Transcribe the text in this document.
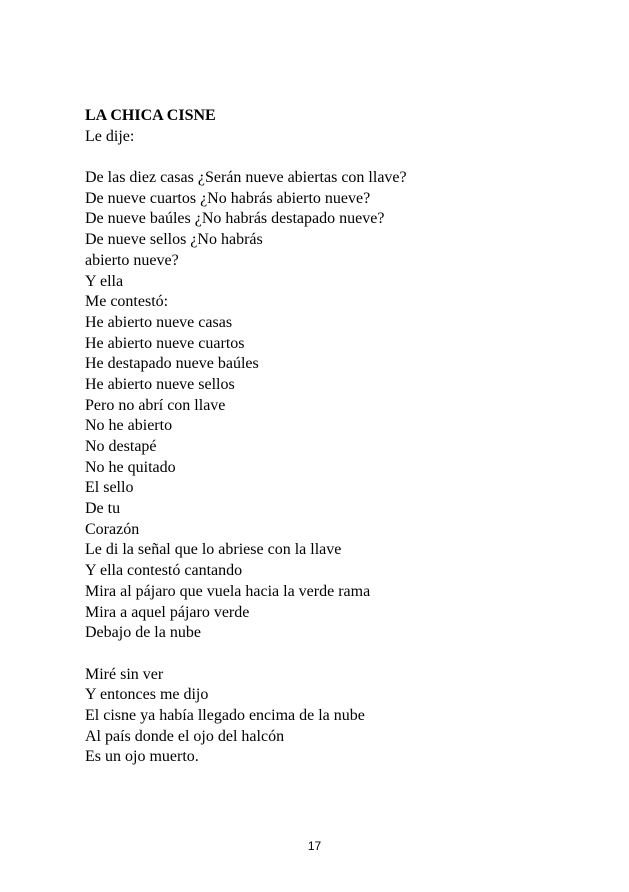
LA CHICA CISNE
Le dije:
De las diez casas ¿Serán nueve abiertas con llave?
De nueve cuartos ¿No habrás abierto nueve?
De nueve baúles ¿No habrás destapado nueve?
De nueve sellos ¿No habrás
abierto nueve?
Y ella
Me contestó:
He abierto nueve casas
He abierto nueve cuartos
He destapado nueve baúles
He abierto nueve sellos
Pero no abrí con llave
No he abierto
No destapé
No he quitado
El sello
De tu
Corazón
Le di la señal que lo abriese con la llave
Y ella contestó cantando
Mira al pájaro que vuela hacia la verde rama
Mira a aquel pájaro verde
Debajo de la nube
Miré sin ver
Y entonces me dijo
El cisne ya había llegado encima de la nube
Al país donde el ojo del halcón
Es un ojo muerto.
17
